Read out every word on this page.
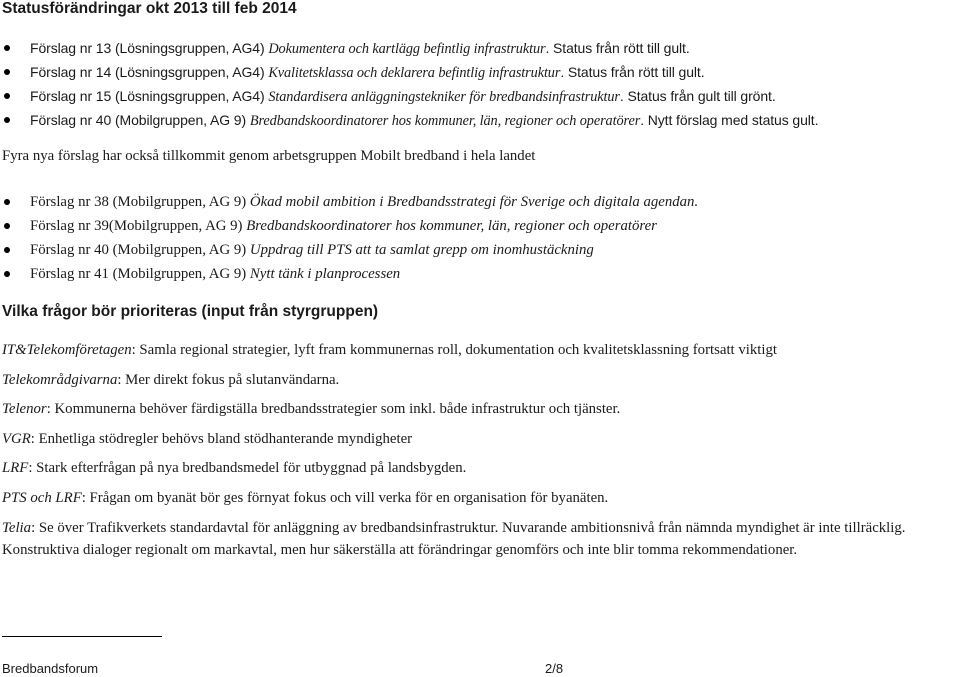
Statusförändringar okt 2013 till feb 2014
Förslag nr 13 (Lösningsgruppen, AG4) Dokumentera och kartlägg befintlig infrastruktur. Status från rött till gult.
Förslag nr 14 (Lösningsgruppen, AG4) Kvalitetsklassa och deklarera befintlig infrastruktur. Status från rött till gult.
Förslag nr 15 (Lösningsgruppen, AG4) Standardisera anläggningstekniker för bredbandsinfrastruktur. Status från gult till grönt.
Förslag nr 40 (Mobilgruppen, AG 9) Bredbandskoordinatorer hos kommuner, län, regioner och operatörer. Nytt förslag med status gult.
Fyra nya förslag har också tillkommit genom arbetsgruppen Mobilt bredband i hela landet
Förslag nr 38 (Mobilgruppen, AG 9) Ökad mobil ambition i Bredbandsstrategi för Sverige och digitala agendan.
Förslag nr 39(Mobilgruppen, AG 9) Bredbandskoordinatorer hos kommuner, län, regioner och operatörer
Förslag nr 40 (Mobilgruppen, AG 9) Uppdrag till PTS att ta samlat grepp om inomhustäckning
Förslag nr 41 (Mobilgruppen, AG 9) Nytt tänk i planprocessen
Vilka frågor bör prioriteras (input från styrgruppen)
IT&Telekomföretagen: Samla regional strategier, lyft fram kommunernas roll, dokumentation och kvalitetsklassning fortsatt viktigt
Telekområdgivarna: Mer direkt fokus på slutanvändarna.
Telenor: Kommunerna behöver färdigställa bredbandsstrategier som inkl. både infrastruktur och tjänster.
VGR: Enhetliga stödregler behövs bland stödhanterande myndigheter
LRF: Stark efterfrågan på nya bredbandsmedel för utbyggnad på landsbygden.
PTS och LRF: Frågan om byanät bör ges förnyat fokus och vill verka för en organisation för byanäten.
Telia: Se över Trafikverkets standardavtal för anläggning av bredbandsinfrastruktur. Nuvarande ambitionsnivå från nämnda myndighet är inte tillräcklig. Konstruktiva dialoger regionalt om markavtal, men hur säkerställa att förändringar genomförs och inte blir tomma rekommendationer.
Bredbandsforum	2/8
